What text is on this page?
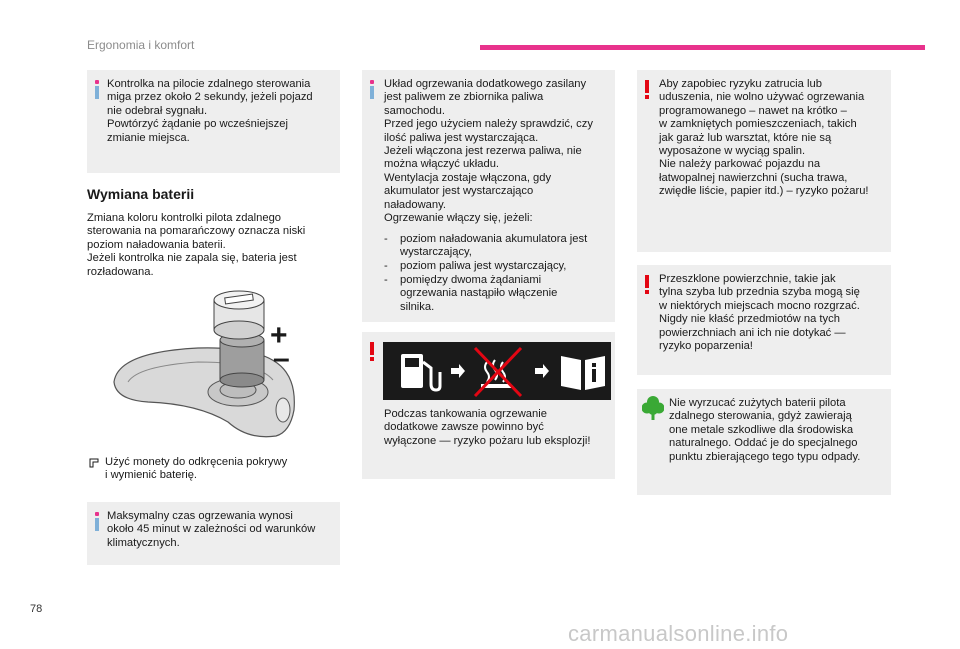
Ergonomia i komfort
Kontrolka na pilocie zdalnego sterowania
miga przez około 2 sekundy, jeżeli pojazd
nie odebrał sygnału.
Powtórzyć żądanie po wcześniejszej
zmianie miejsca.
Wymiana baterii
Zmiana koloru kontrolki pilota zdalnego
sterowania na pomarańczowy oznacza niski
poziom naładowania baterii.
Jeżeli kontrolka nie zapala się, bateria jest
rozładowana.
+
–
Użyć monety do odkręcenia pokrywy
i wymienić baterię.
Maksymalny czas ogrzewania wynosi
około 45 minut w zależności od warunków
klimatycznych.
Układ ogrzewania dodatkowego zasilany
jest paliwem ze zbiornika paliwa
samochodu.
Przed jego użyciem należy sprawdzić, czy
ilość paliwa jest wystarczająca.
Jeżeli włączona jest rezerwa paliwa, nie
można włączyć układu.
Wentylacja zostaje włączona, gdy
akumulator jest wystarczająco
naładowany.
Ogrzewanie włączy się, jeżeli:
- poziom naładowania akumulatora jest
wystarczający,
- poziom paliwa jest wystarczający,
- pomiędzy dwoma żądaniami
ogrzewania nastąpiło włączenie
silnika.
Podczas tankowania ogrzewanie
dodatkowe zawsze powinno być
wyłączone — ryzyko pożaru lub eksplozji!
Aby zapobiec ryzyku zatrucia lub
uduszenia, nie wolno używać ogrzewania
programowanego – nawet na krótko –
w zamkniętych pomieszczeniach, takich
jak garaż lub warsztat, które nie są
wyposażone w wyciąg spalin.
Nie należy parkować pojazdu na
łatwopalnej nawierzchni (sucha trawa,
zwiędłe liście, papier itd.) – ryzyko pożaru!
Przeszklone powierzchnie, takie jak
tylna szyba lub przednia szyba mogą się
w niektórych miejscach mocno rozgrzać.
Nigdy nie kłaść przedmiotów na tych
powierzchniach ani ich nie dotykać —
ryzyko poparzenia!
Nie wyrzucać zużytych baterii pilota
zdalnego sterowania, gdyż zawierają
one metale szkodliwe dla środowiska
naturalnego. Oddać je do specjalnego
punktu zbierającego tego typu odpady.
78
carmanualsonline.info
